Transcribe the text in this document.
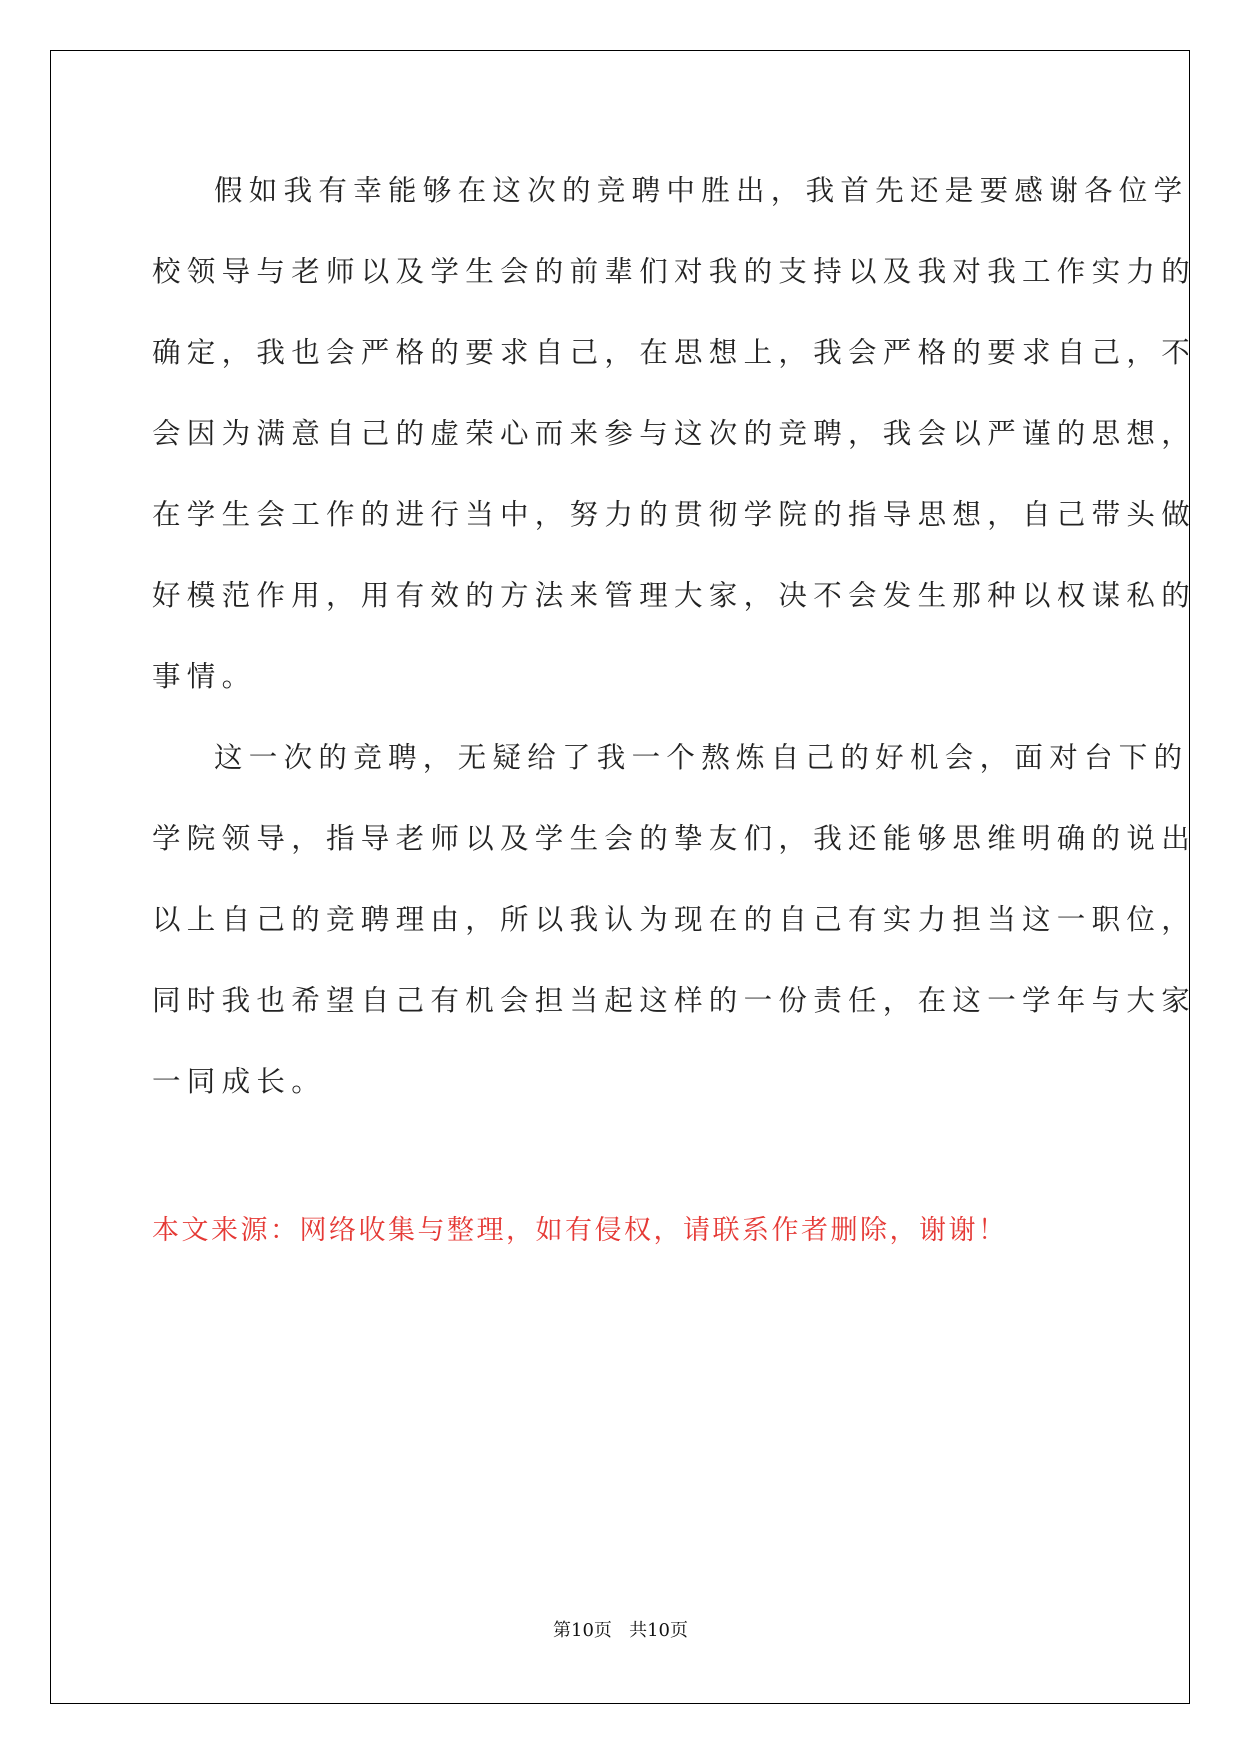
假如我有幸能够在这次的竞聘中胜出，我首先还是要感谢各位学
校领导与老师以及学生会的前辈们对我的支持以及我对我工作实力的
确定，我也会严格的要求自己，在思想上，我会严格的要求自己，不
会因为满意自己的虚荣心而来参与这次的竞聘，我会以严谨的思想，
在学生会工作的进行当中，努力的贯彻学院的指导思想，自己带头做
好模范作用，用有效的方法来管理大家，决不会发生那种以权谋私的
事情。
这一次的竞聘，无疑给了我一个熬炼自己的好机会，面对台下的
学院领导，指导老师以及学生会的挚友们，我还能够思维明确的说出
以上自己的竞聘理由，所以我认为现在的自己有实力担当这一职位，
同时我也希望自己有机会担当起这样的一份责任，在这一学年与大家
一同成长。
本文来源：网络收集与整理，如有侵权，请联系作者删除，谢谢！
第10页   共10页
